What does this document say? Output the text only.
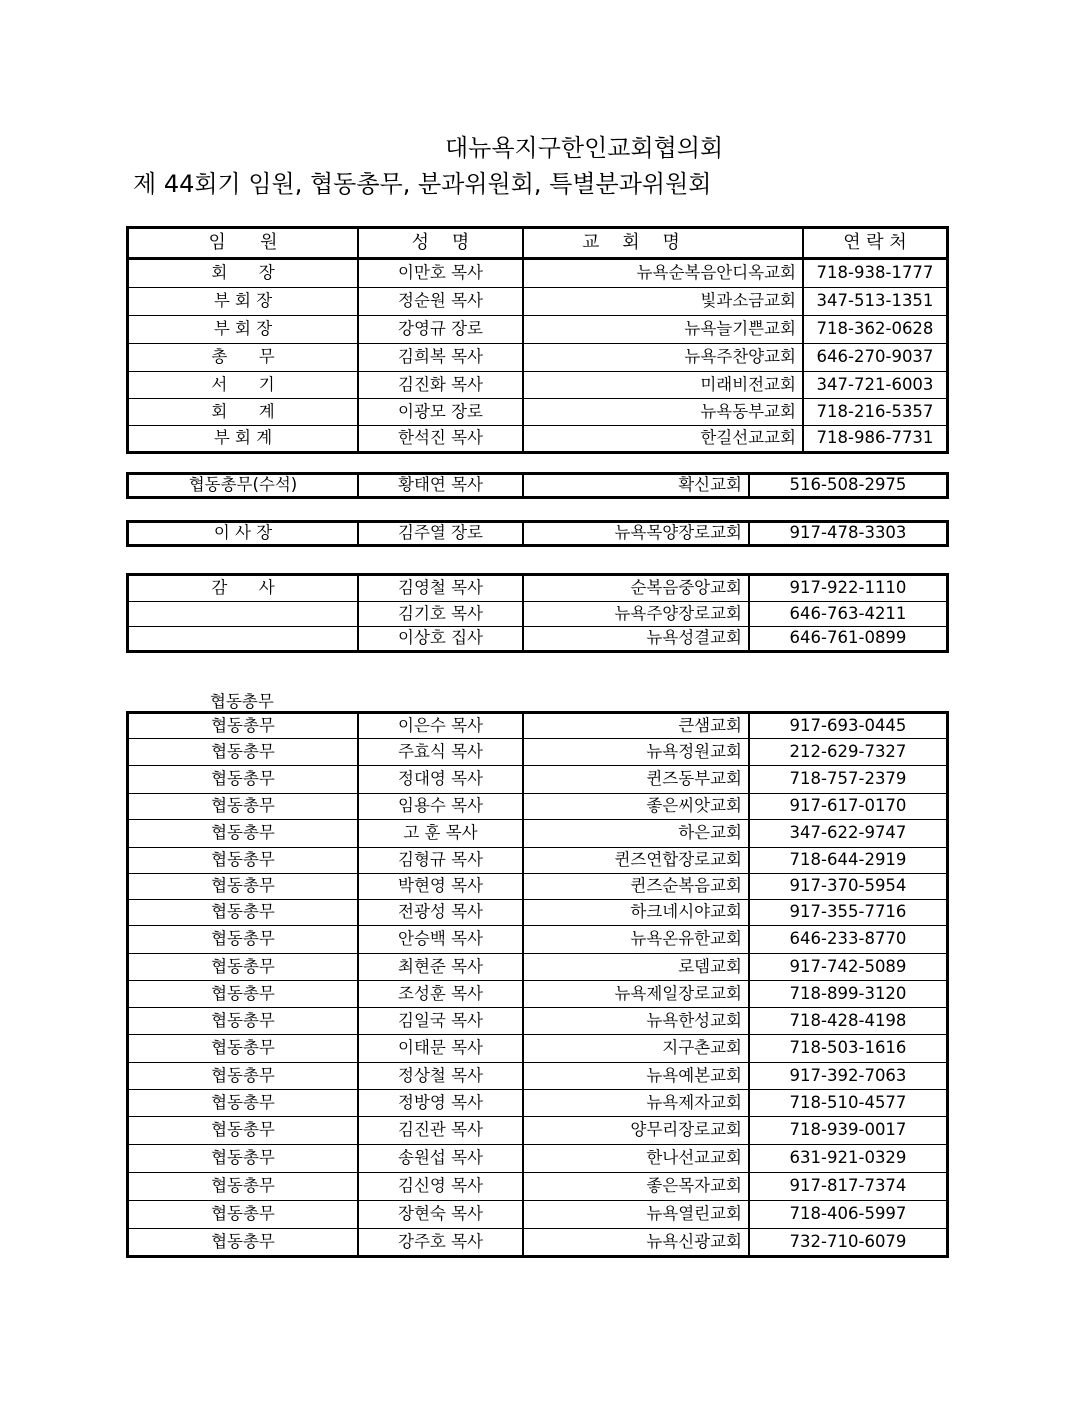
대뉴욕지구한인교회협의회
제 44회기 임원, 협동총무, 분과위원회, 특별분과위원회
임      원	성    명	교    회    명	연 락 처
회      장	이만호 목사	뉴욕순복음안디옥교회	718-938-1777
부 회 장	정순원 목사	빛과소금교회	347-513-1351
부 회 장	강영규 장로	뉴욕늘기쁜교회	718-362-0628
총      무	김희복 목사	뉴욕주찬양교회	646-270-9037
서      기	김진화 목사	미래비전교회	347-721-6003
회      계	이광모 장로	뉴욕동부교회	718-216-5357
부 회 계	한석진 목사	한길선교교회	718-986-7731
협동총무(수석)	황태연 목사	확신교회	516-508-2975
이 사 장	김주열 장로	뉴욕목양장로교회	917-478-3303
감      사	김영철 목사	순복음중앙교회	917-922-1110
	김기호 목사	뉴욕주양장로교회	646-763-4211
	이상호 집사	뉴욕성결교회	646-761-0899
협동총무
협동총무	이은수 목사	큰샘교회	917-693-0445
협동총무	주효식 목사	뉴욕정원교회	212-629-7327
협동총무	정대영 목사	퀸즈동부교회	718-757-2379
협동총무	임용수 목사	좋은씨앗교회	917-617-0170
협동총무	고 훈 목사	하은교회	347-622-9747
협동총무	김형규 목사	퀸즈연합장로교회	718-644-2919
협동총무	박현영 목사	퀸즈순복음교회	917-370-5954
협동총무	전광성 목사	하크네시야교회	917-355-7716
협동총무	안승백 목사	뉴욕온유한교회	646-233-8770
협동총무	최현준 목사	로뎀교회	917-742-5089
협동총무	조성훈 목사	뉴욕제일장로교회	718-899-3120
협동총무	김일국 목사	뉴욕한성교회	718-428-4198
협동총무	이태문 목사	지구촌교회	718-503-1616
협동총무	정상철 목사	뉴욕예본교회	917-392-7063
협동총무	정방영 목사	뉴욕제자교회	718-510-4577
협동총무	김진관 목사	양무리장로교회	718-939-0017
협동총무	송원섭 목사	한나선교교회	631-921-0329
협동총무	김신영 목사	좋은목자교회	917-817-7374
협동총무	장현숙 목사	뉴욕열린교회	718-406-5997
협동총무	강주호 목사	뉴욕신광교회	732-710-6079
